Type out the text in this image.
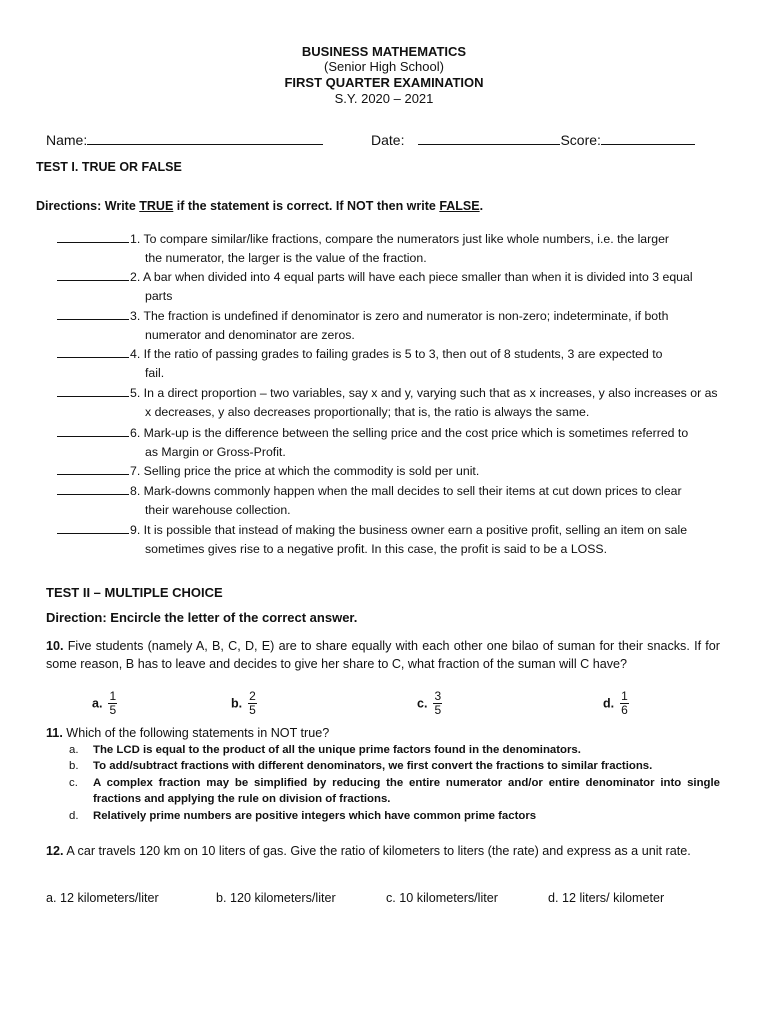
BUSINESS MATHEMATICS
(Senior High School)
FIRST QUARTER EXAMINATION
S.Y. 2020 – 2021
Name:	Date:	Score:
TEST I. TRUE OR FALSE
Directions: Write TRUE if the statement is correct. If NOT then write FALSE.
1. To compare similar/like fractions, compare the numerators just like whole numbers, i.e. the larger
the numerator, the larger is the value of the fraction.
2. A bar when divided into 4 equal parts will have each piece smaller than when it is divided into 3 equal
parts
3. The fraction is undefined if denominator is zero and numerator is non-zero; indeterminate, if both
numerator and denominator are zeros.
4. If the ratio of passing grades to failing grades is 5 to 3, then out of 8 students, 3 are expected to
fail.
5. In a direct proportion – two variables, say x and y, varying such that as x increases, y also increases or as
x decreases, y also decreases proportionally; that is, the ratio is always the same.
6. Mark-up is the difference between the selling price and the cost price which is sometimes referred to
as Margin or Gross-Profit.
7. Selling price the price at which the commodity is sold per unit.
8. Mark-downs commonly happen when the mall decides to sell their items at cut down prices to clear
their warehouse collection.
9. It is possible that instead of making the business owner earn a positive profit, selling an item on sale
sometimes gives rise to a negative profit. In this case, the profit is said to be a LOSS.
TEST II – MULTIPLE CHOICE
Direction: Encircle the letter of the correct answer.
10. Five students (namely A, B, C, D, E) are to share equally with each other one bilao of suman for their snacks. If for some reason, B has to leave and decides to give her share to C, what fraction of the suman will C have?
a. $\frac{1}{5}$	b. $\frac{2}{5}$	c. $\frac{3}{5}$	d. $\frac{1}{6}$
11. Which of the following statements in NOT true?
a. The LCD is equal to the product of all the unique prime factors found in the denominators.
b. To add/subtract fractions with different denominators, we first convert the fractions to similar fractions.
c. A complex fraction may be simplified by reducing the entire numerator and/or entire denominator into single fractions and applying the rule on division of fractions.
d. Relatively prime numbers are positive integers which have common prime factors
12. A car travels 120 km on 10 liters of gas. Give the ratio of kilometers to liters (the rate) and express as a unit rate.
a. 12 kilometers/liter	b. 120 kilometers/liter	c. 10 kilometers/liter	d. 12 liters/ kilometer
